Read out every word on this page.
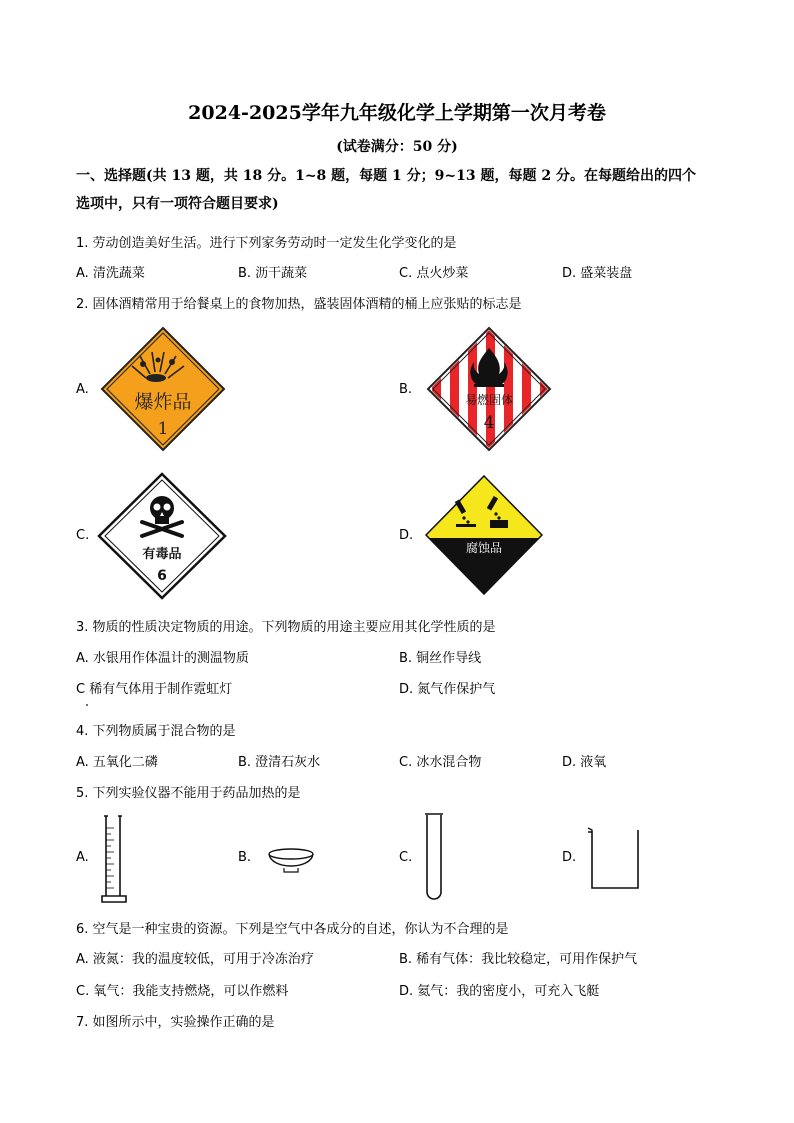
2024-2025学年九年级化学上学期第一次月考卷
(试卷满分：50 分)
一、选择题(共 13 题，共 18 分。1~8 题，每题 1 分；9~13 题，每题 2 分。在每题给出的四个
选项中，只有一项符合题目要求)
1. 劳动创造美好生活。进行下列家务劳动时一定发生化学变化的是
A. 清洗蔬菜	B. 沥干蔬菜	C. 点火炒菜	D. 盛菜装盘
2. 固体酒精常用于给餐桌上的食物加热，盛装固体酒精的桶上应张贴的标志是
A.	B.
C.	D.
爆炸品
1
易燃固体
4
有毒品
6
腐蚀品
3. 物质的性质决定物质的用途。下列物质的用途主要应用其化学性质的是
A. 水银用作体温计的测温物质	B. 铜丝作导线
C 稀有气体用于制作霓虹灯	D. 氮气作保护气
4. 下列物质属于混合物的是
A. 五氧化二磷	B. 澄清石灰水	C. 冰水混合物	D. 液氧
5. 下列实验仪器不能用于药品加热的是
A.	B.	C.	D.
6. 空气是一种宝贵的资源。下列是空气中各成分的自述，你认为不合理的是
A. 液氮：我的温度较低，可用于冷冻治疗	B. 稀有气体：我比较稳定，可用作保护气
C. 氧气：我能支持燃烧，可以作燃料	D. 氦气：我的密度小，可充入飞艇
7. 如图所示中，实验操作正确的是
